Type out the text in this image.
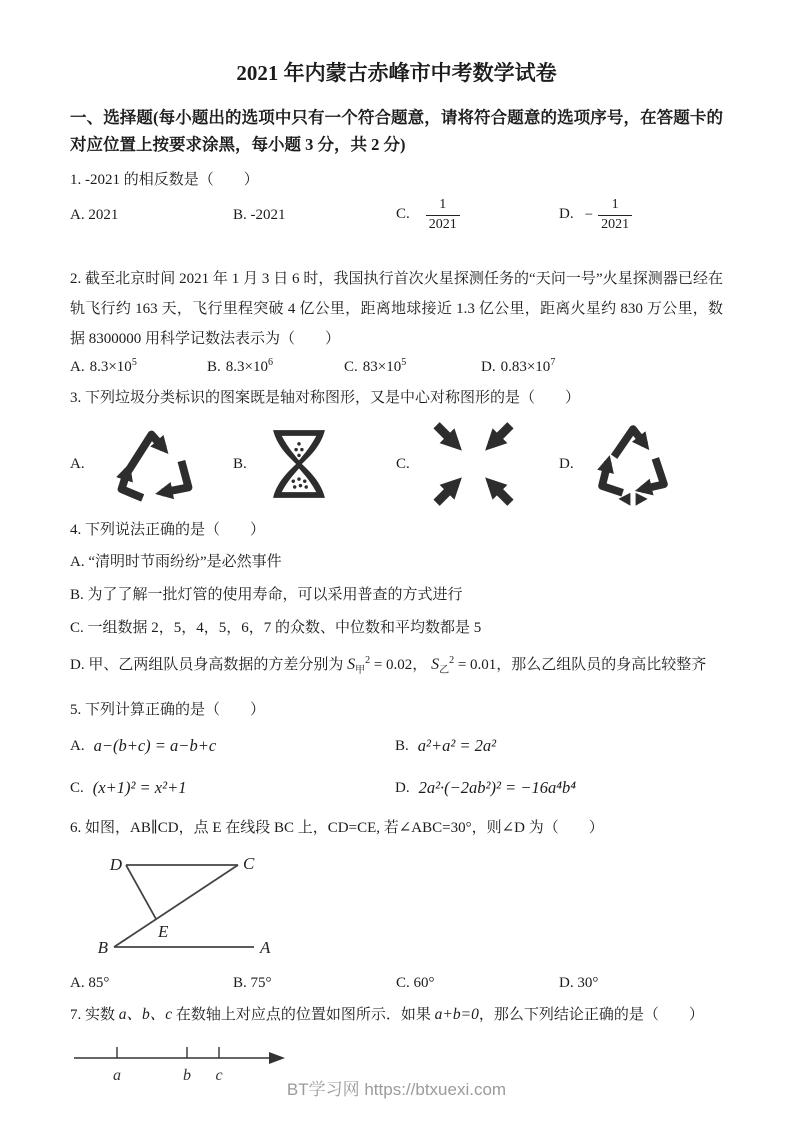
2021 年内蒙古赤峰市中考数学试卷
一、选择题(每小题出的选项中只有一个符合题意，请将符合题意的选项序号，在答题卡的对应位置上按要求涂黑，每小题 3 分，共 2 分)
1. -2021 的相反数是（　　）
A. 2021	B. -2021	C. $\frac{1}{2021}$	D. − $\frac{1}{2021}$
2. 截至北京时间 2021 年 1 月 3 日 6 时，我国执行首次火星探测任务的“天问一号”火星探测器已经在轨飞行约 163 天，飞行里程突破 4 亿公里，距离地球接近 1.3 亿公里，距离火星约 830 万公里，数据 8300000 用科学记数法表示为（　　）
A. $8.3\times 10^5$	B. $8.3\times 10^6$	C. $83\times 10^5$	D. $0.83\times 10^7$
3. 下列垃圾分类标识的图案既是轴对称图形，又是中心对称图形的是（　　）
A.	B.	C.	D.
4. 下列说法正确的是（　　）
A. “清明时节雨纷纷”是必然事件
B. 为了了解一批灯管的使用寿命，可以采用普查的方式进行
C. 一组数据 2，5，4，5，6，7 的众数、中位数和平均数都是 5
D. 甲、乙两组队员身高数据的方差分别为 $S_甲^2 = 0.02$， $S_乙^2 = 0.01$，那么乙组队员的身高比较整齐
5. 下列计算正确的是（　　）
A. a−(b+c) = a−b+c	B. a²+a² = 2a²
C. (x+1)² = x²+1	D. 2a²·(−2ab²)² = −16a⁴b⁴
6. 如图，AB∥CD，点 E 在线段 BC 上，CD=CE, 若∠ABC=30°，则∠D 为（　　）
D	C
E
B	A
A. 85°	B. 75°	C. 60°	D. 30°
7. 实数 a、b、c 在数轴上对应点的位置如图所示．如果 a+b=0，那么下列结论正确的是（　　）
a	b c
BT学习网 https://btxuexi.com
